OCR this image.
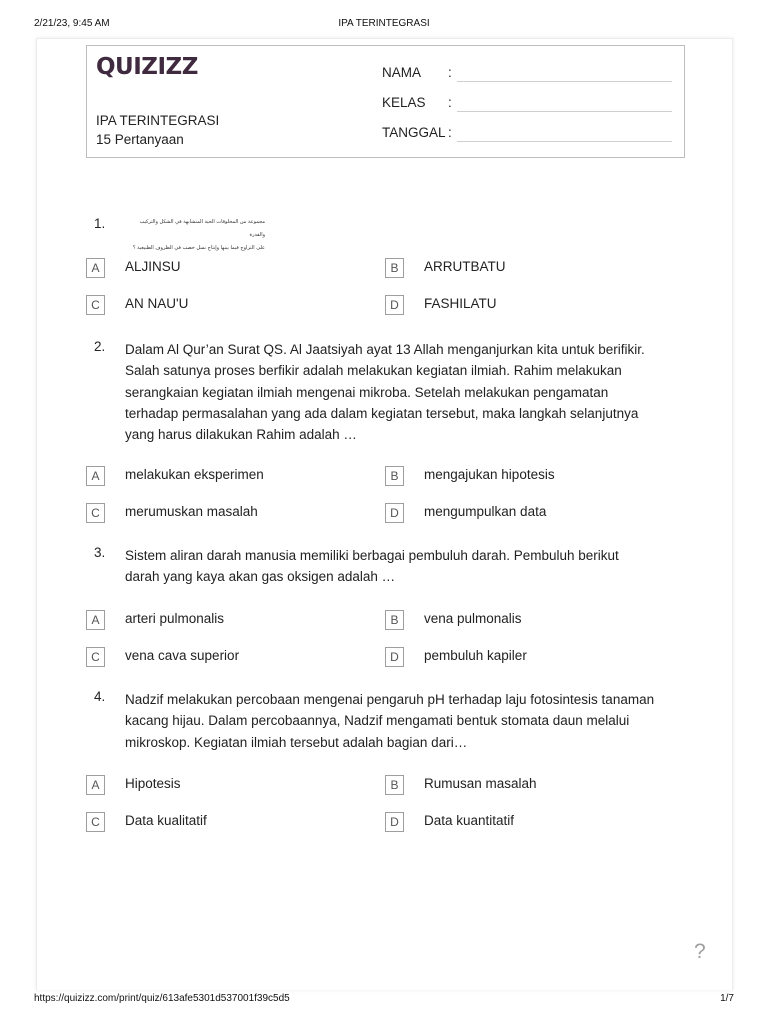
2/21/23, 9:45 AM	IPA TERINTEGRASI
QUIZIZZ
IPA TERINTEGRASI
15 Pertanyaan
NAMA :
KELAS :
TANGGAL :
1.	مجموعة من المخلوقات الحية المتشابهة في الشكل والتركيب والقدرة
على التزاوج فيما بينها وإنتاج نسل خصب في الظروف الطبيعية ؟
A	ALJINSU	B	ARRUTBATU
C	AN NAU'U	D	FASHILATU
2. Dalam Al Qur’an Surat QS. Al Jaatsiyah ayat 13 Allah menganjurkan kita untuk berifikir.
Salah satunya proses berfikir adalah melakukan kegiatan ilmiah. Rahim melakukan
serangkaian kegiatan ilmiah mengenai mikroba. Setelah melakukan pengamatan
terhadap permasalahan yang ada dalam kegiatan tersebut, maka langkah selanjutnya
yang harus dilakukan Rahim adalah …
A	melakukan eksperimen	B	mengajukan hipotesis
C	merumuskan masalah	D	mengumpulkan data
3. Sistem aliran darah manusia memiliki berbagai pembuluh darah. Pembuluh berikut
darah yang kaya akan gas oksigen adalah …
A	arteri pulmonalis	B	vena pulmonalis
C	vena cava superior	D	pembuluh kapiler
4. Nadzif melakukan percobaan mengenai pengaruh pH terhadap laju fotosintesis tanaman
kacang hijau. Dalam percobaannya, Nadzif mengamati bentuk stomata daun melalui
mikroskop. Kegiatan ilmiah tersebut adalah bagian dari…
A	Hipotesis	B	Rumusan masalah
C	Data kualitatif	D	Data kuantitatif
?
https://quizizz.com/print/quiz/613afe5301d537001f39c5d5	1/7
